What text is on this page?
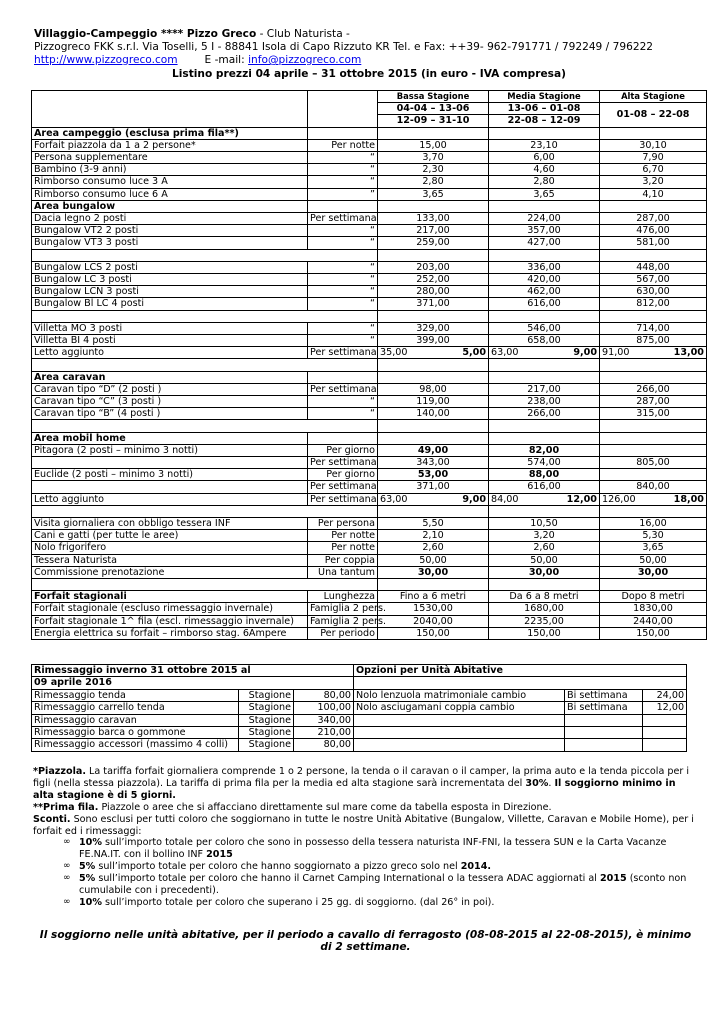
Villaggio-Campeggio **** Pizzo Greco - Club Naturista -
Pizzogreco FKK s.r.l. Via Toselli, 5 I - 88841 Isola di Capo Rizzuto KR Tel. e Fax: ++39- 962-791771 / 792249 / 796222
http://www.pizzogreco.com	E -mail: info@pizzogreco.com
Listino prezzi 04 aprile – 31 ottobre 2015 (in euro - IVA compresa)
		Bassa Stagione	Media Stagione	Alta Stagione
		04-04 – 13-06	13-06 – 01-08	01-08 – 22-08
		12-09 – 31-10	22-08 – 12-09	
Area campeggio (esclusa prima fila**)				
Forfait piazzola da 1 a 2 persone*	Per notte	15,00	23,10	30,10
Persona supplementare	“	3,70	6,00	7,90
Bambino (3-9 anni)	“	2,30	4,60	6,70
Rimborso consumo luce 3 A	“	2,80	2,80	3,20
Rimborso consumo luce 6 A	”	3,65	3,65	4,10
Area bungalow				
Dacia legno 2 posti	Per settimana	133,00	224,00	287,00
Bungalow VT2 2 posti	“	217,00	357,00	476,00
Bungalow VT3 3 posti	“	259,00	427,00	581,00

Bungalow LCS 2 posti	“	203,00	336,00	448,00
Bungalow LC 3 posti	“	252,00	420,00	567,00
Bungalow LCN 3 posti	“	280,00	462,00	630,00
Bungalow Bl LC 4 posti	“	371,00	616,00	812,00

Villetta MO 3 posti	“	329,00	546,00	714,00
Villetta BI 4 posti	“	399,00	658,00	875,00
Letto aggiunto	Per settimana	35,00 5,00	63,00 9,00	91,00 13,00

Area caravan				
Caravan tipo “D” (2 posti )	Per settimana	98,00	217,00	266,00
Caravan tipo “C” (3 posti )	“	119,00	238,00	287,00
Caravan tipo “B” (4 posti )	“	140,00	266,00	315,00

Area mobil home				
Pitagora (2 posti – minimo 3 notti)	Per giorno	49,00	82,00	
	Per settimana	343,00	574,00	805,00
Euclide (2 posti – minimo 3 notti)	Per giorno	53,00	88,00	
	Per settimana	371,00	616,00	840,00
Letto aggiunto	Per settimana	63,00 9,00	84,00 12,00	126,00 18,00

Visita giornaliera con obbligo tessera INF	Per persona	5,50	10,50	16,00
Cani e gatti (per tutte le aree)	Per notte	2,10	3,20	5,30
Nolo frigorifero	Per notte	2,60	2,60	3,65
Tessera Naturista	Per coppia	50,00	50,00	50,00
Commissione prenotazione	Una tantum	30,00	30,00	30,00

Forfait stagionali	Lunghezza	Fino a 6 metri	Da 6 a 8 metri	Dopo 8 metri
Forfait stagionale (escluso rimessaggio invernale)	Famiglia 2 pers.	1530,00	1680,00	1830,00
Forfait stagionale 1^ fila (escl. rimessaggio invernale)	Famiglia 2 pers.	2040,00	2235,00	2440,00
Energia elettrica su forfait – rimborso stag. 6Ampere	Per periodo	150,00	150,00	150,00
Rimessaggio inverno 31 ottobre 2015 al			Opzioni per Unità Abitative		
09 aprile 2016					
Rimessaggio tenda	Stagione	80,00	Nolo lenzuola matrimoniale cambio	Bi settimana	24,00
Rimessaggio carrello tenda	Stagione	100,00	Nolo asciugamani coppia cambio	Bi settimana	12,00
Rimessaggio caravan	Stagione	340,00			
Rimessaggio barca o gommone	Stagione	210,00			
Rimessaggio accessori (massimo 4 colli)	Stagione	80,00			

*Piazzola. La tariffa forfait giornaliera comprende 1 o 2 persone, la tenda o il caravan o il camper, la prima auto e la tenda piccola per i figli (nella stessa piazzola). La tariffa di prima fila per la media ed alta stagione sarà incrementata del 30%. Il soggiorno minimo in alta stagione è di 5 giorni.

**Prima fila. Piazzole o aree che si affacciano direttamente sul mare come da tabella esposta in Direzione.

Sconti. Sono esclusi per tutti coloro che soggiornano in tutte le nostre Unità Abitative (Bungalow, Villette, Caravan e Mobile Home), per i forfait ed i rimessaggi:

∞ 10% sull’importo totale per coloro che sono in possesso della tessera naturista INF-FNI, la tessera SUN e la Carta Vacanze FE.NA.IT. con il bollino INF 2015
∞ 5% sull’importo totale per coloro che hanno soggiornato a pizzo greco solo nel 2014.
∞ 5% sull’importo totale per coloro che hanno il Carnet Camping International o la tessera ADAC aggiornati al 2015 (sconto non cumulabile con i precedenti).
∞ 10% sull’importo totale per coloro che superano i 25 gg. di soggiorno. (dal 26° in poi).
Il soggiorno nelle unità abitative, per il periodo a cavallo di ferragosto (08-08-2015 al 22-08-2015), è minimo di 2 settimane.
